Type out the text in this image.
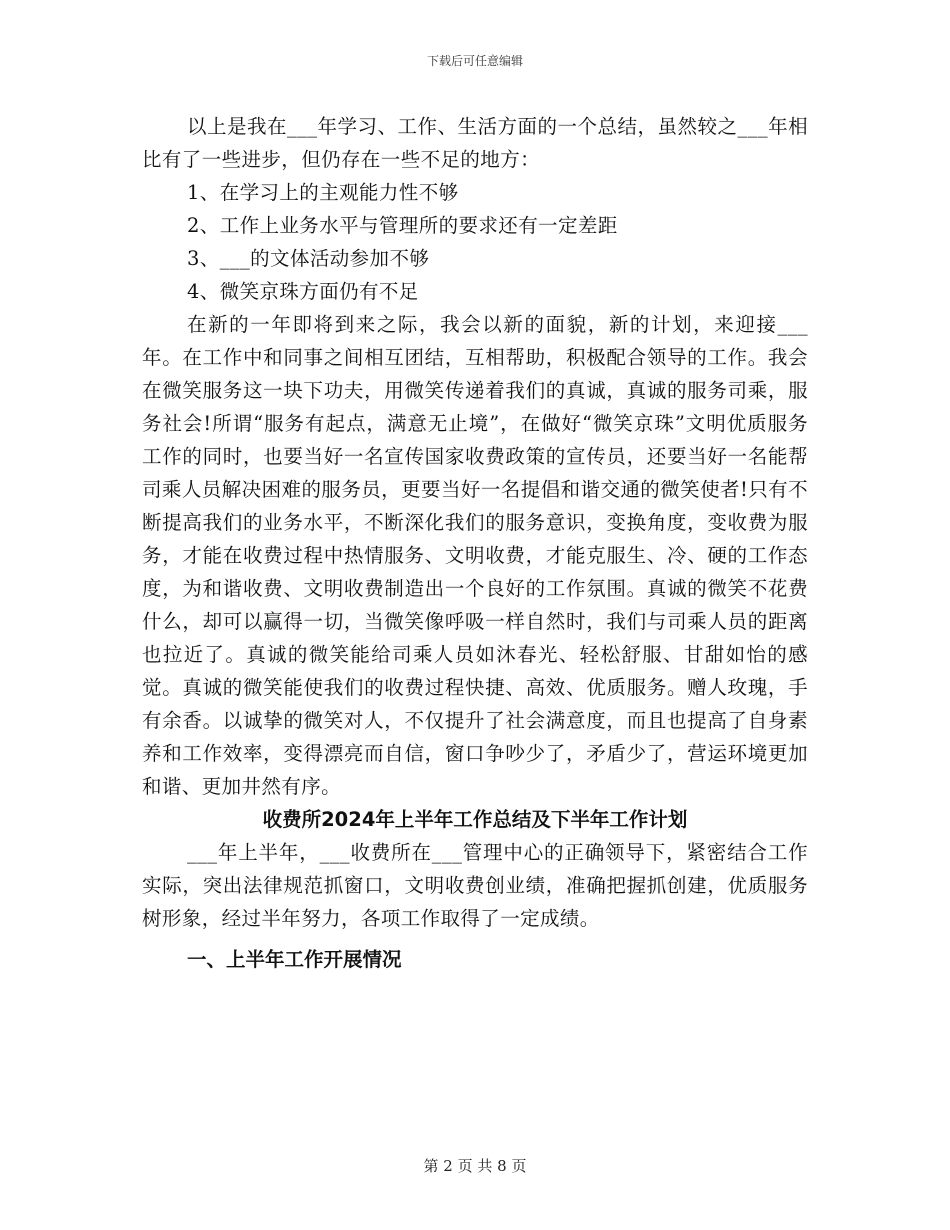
下载后可任意编辑

以上是我在___年学习、工作、生活方面的一个总结，虽然较之___年相比有了一些进步，但仍存在一些不足的地方：

1、在学习上的主观能力性不够

2、工作上业务水平与管理所的要求还有一定差距

3、___的文体活动参加不够

4、微笑京珠方面仍有不足

在新的一年即将到来之际，我会以新的面貌，新的计划，来迎接___年。在工作中和同事之间相互团结，互相帮助，积极配合领导的工作。我会在微笑服务这一块下功夫，用微笑传递着我们的真诚，真诚的服务司乘，服务社会!所谓“服务有起点，满意无止境”，在做好“微笑京珠”文明优质服务工作的同时，也要当好一名宣传国家收费政策的宣传员，还要当好一名能帮司乘人员解决困难的服务员，更要当好一名提倡和谐交通的微笑使者!只有不断提高我们的业务水平，不断深化我们的服务意识，变换角度，变收费为服务，才能在收费过程中热情服务、文明收费，才能克服生、冷、硬的工作态度，为和谐收费、文明收费制造出一个良好的工作氛围。真诚的微笑不花费什么，却可以赢得一切，当微笑像呼吸一样自然时，我们与司乘人员的距离也拉近了。真诚的微笑能给司乘人员如沐春光、轻松舒服、甘甜如怡的感觉。真诚的微笑能使我们的收费过程快捷、高效、优质服务。赠人玫瑰，手有余香。以诚挚的微笑对人，不仅提升了社会满意度，而且也提高了自身素养和工作效率，变得漂亮而自信，窗口争吵少了，矛盾少了，营运环境更加和谐、更加井然有序。

收费所2024年上半年工作总结及下半年工作计划

___年上半年，___收费所在___管理中心的正确领导下，紧密结合工作实际，突出法律规范抓窗口，文明收费创业绩，准确把握抓创建，优质服务树形象，经过半年努力，各项工作取得了一定成绩。

一、上半年工作开展情况

第 2 页 共 8 页
